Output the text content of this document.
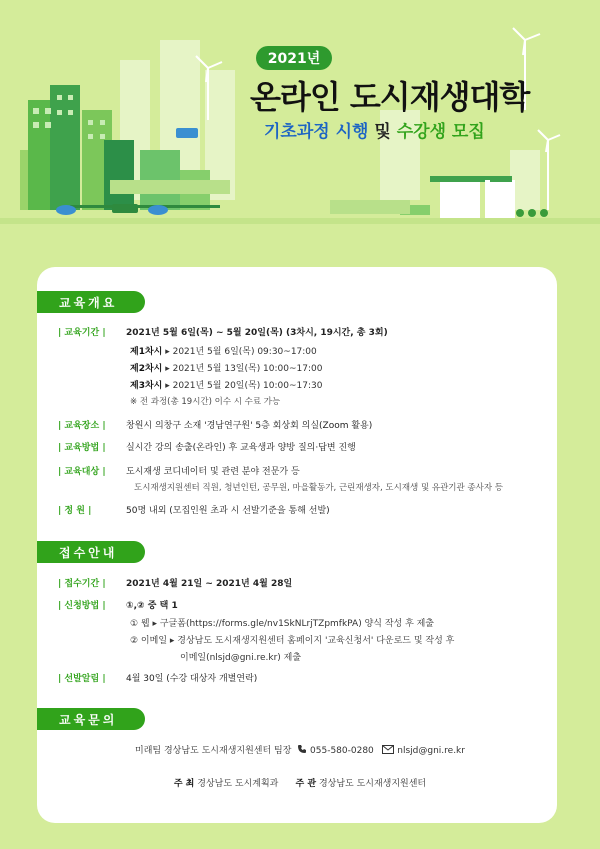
2021년
온라인 도시재생대학
기초과정 시행 및 수강생 모집
교육개요
| 교육기간 | 2021년 5월 6일(목) ~ 5월 20일(목) (3차시, 19시간, 총 3회)
제1차시 ▸ 2021년 5월 6일(목) 09:30~17:00
제2차시 ▸ 2021년 5월 13일(목) 10:00~17:00
제3차시 ▸ 2021년 5월 20일(목) 10:00~17:30
※ 전 과정(총 19시간) 이수 시 수료 가능
| 교육장소 | 창원시 의창구 소재 '경남연구원' 5층 회상회 의실(Zoom 활용)
| 교육방법 | 실시간 강의 송출(온라인) 후 교육생과 양방 질의·답변 진행
| 교육대상 | 도시재생 코디네이터 및 관련 분야 전문가 등
도시재생지원센터 직원, 청년인턴, 공무원, 마을활동가, 근린재생자, 도시재생 및 유관기관 종사자 등
| 정 원 |	50명 내외 (모집인원 초과 시 선발기준을 통해 선발)
접수안내
| 접수기간 | 2021년 4월 21일 ~ 2021년 4월 28일
| 신청방법 | ①,② 중 택 1
① 웹 ▸ 구글폼(https://forms.gle/nv1SkNLrjTZpmfkPA) 양식 작성 후 제출
② 이메일 ▸ 경상남도 도시재생지원센터 홈페이지 '교육신청서' 다운로드 및 작성 후
이메일(nlsjd@gni.re.kr) 제출
| 선발알림 | 4월 30일 (수강 대상자 개별연락)
교육문의
미래팀 경상남도 도시재생지원센터 팀장 055-580-0280	nlsjd@gni.re.kr
주 최 경상남도 도시계획과 주 관 경상남도 도시재생지원센터
